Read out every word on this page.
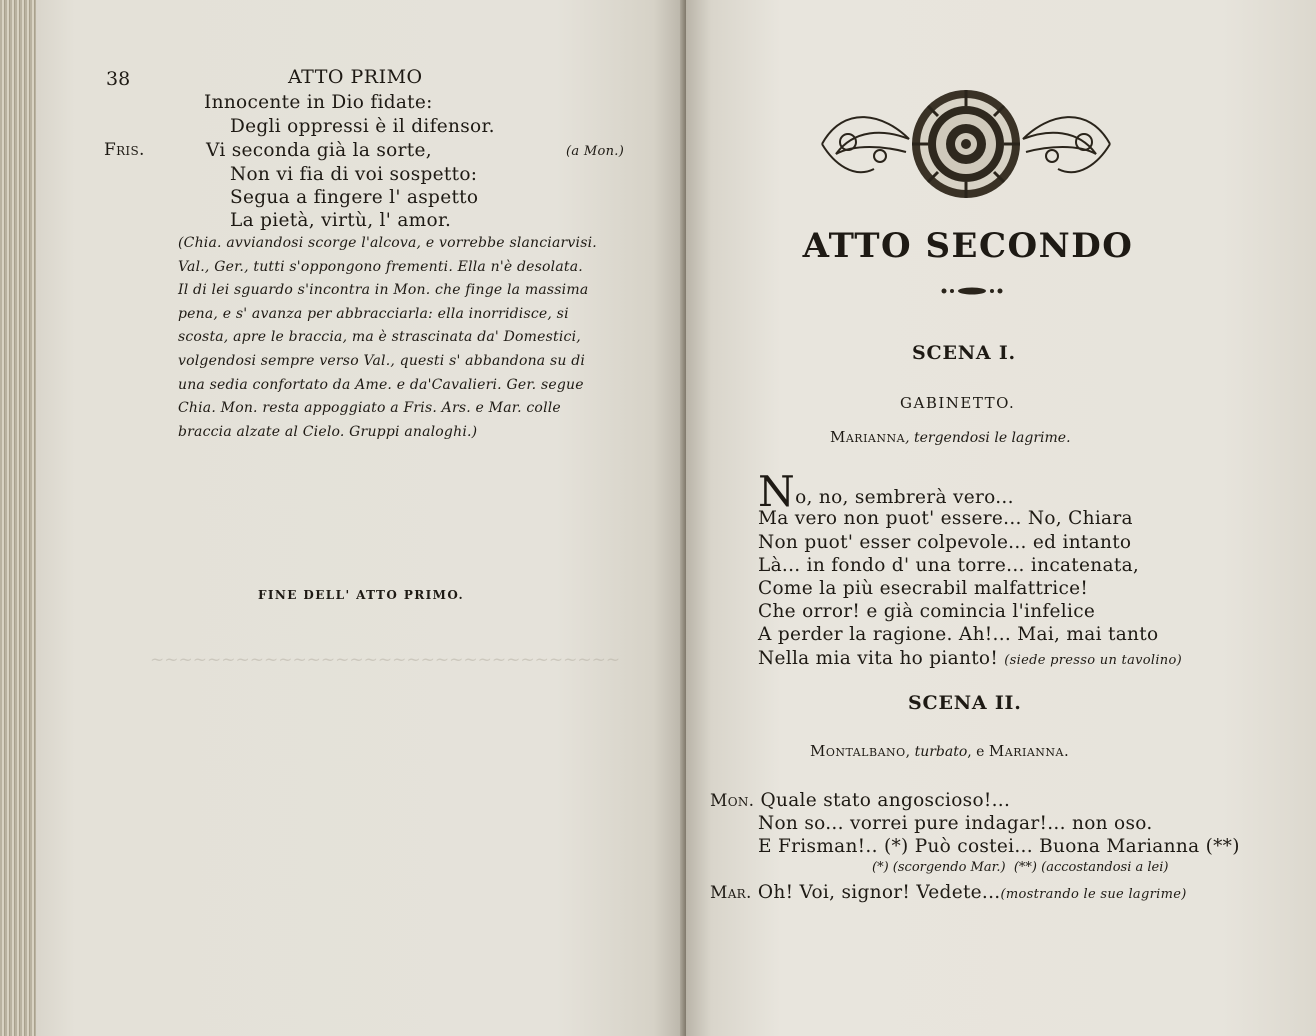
~~~~~~~~~~~~~~~~~~~~~~~~~~~~~~~~~
38	ATTO PRIMO
Innocente in Dio fidate:
Degli oppressi è il difensor.
Fris.	Vi seconda già la sorte,	(a Mon.)
Non vi fia di voi sospetto:
Segua a fingere l' aspetto
La pietà, virtù, l' amor.
(Chia. avviandosi scorge l'alcova, e vorrebbe slanciarvisi.
Val., Ger., tutti s'oppongono frementi. Ella n'è desolata.
Il di lei sguardo s'incontra in Mon. che finge la massima
pena, e s' avanza per abbracciarla: ella inorridisce, si
scosta, apre le braccia, ma è strascinata da' Domestici,
volgendosi sempre verso Val., questi s' abbandona su di
una sedia confortato da Ame. e da'Cavalieri. Ger. segue
Chia. Mon. resta appoggiato a Fris. Ars. e Mar. colle
braccia alzate al Cielo. Gruppi analoghi.)
FINE DELL' ATTO PRIMO.
ATTO SECONDO
SCENA I.
GABINETTO.
Marianna, tergendosi le lagrime.
No, no, sembrerà vero...
Ma vero non puot' essere... No, Chiara
Non puot' esser colpevole... ed intanto
Là... in fondo d' una torre... incatenata,
Come la più esecrabil malfattrice!
Che orror! e già comincia l'infelice
A perder la ragione. Ah!... Mai, mai tanto
Nella mia vita ho pianto! (siede presso un tavolino)
SCENA II.
Montalbano, turbato, e Marianna.
Mon. Quale stato angoscioso!...
Non so... vorrei pure indagar!... non oso.
E Frisman!.. (*) Può costei... Buona Marianna (**)
(*) (scorgendo Mar.) (**) (accostandosi a lei)
Mar. Oh! Voi, signor! Vedete...(mostrando le sue lagrime)
